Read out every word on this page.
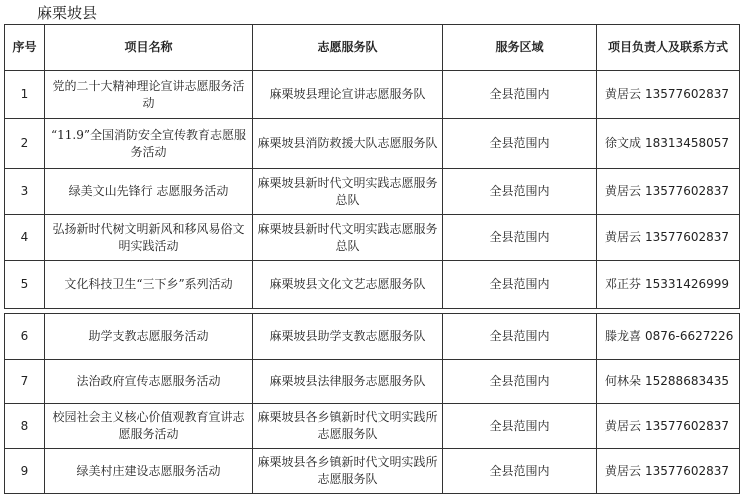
麻栗坡县
序号	项目名称	志愿服务队	服务区域	项目负责人及联系方式
1	党的二十大精神理论宣讲志愿服务活动	麻栗坡县理论宣讲志愿服务队	全县范围内	黄居云 13577602837
2	“11.9”全国消防安全宣传教育志愿服务活动	麻栗坡县消防救援大队志愿服务队	全县范围内	徐文成 18313458057
3	绿美文山先锋行 志愿服务活动	麻栗坡县新时代文明实践志愿服务总队	全县范围内	黄居云 13577602837
4	弘扬新时代树文明新风和移风易俗文明实践活动	麻栗坡县新时代文明实践志愿服务总队	全县范围内	黄居云 13577602837
5	文化科技卫生“三下乡”系列活动	麻栗坡县文化文艺志愿服务队	全县范围内	邓正芬 15331426999
6	助学支教志愿服务活动	麻栗坡县助学支教志愿服务队	全县范围内	滕龙喜 0876-6627226
7	法治政府宣传志愿服务活动	麻栗坡县法律服务志愿服务队	全县范围内	何林朵 15288683435
8	校园社会主义核心价值观教育宣讲志愿服务活动	麻栗坡县各乡镇新时代文明实践所志愿服务队	全县范围内	黄居云 13577602837
9	绿美村庄建设志愿服务活动	麻栗坡县各乡镇新时代文明实践所志愿服务队	全县范围内	黄居云 13577602837
